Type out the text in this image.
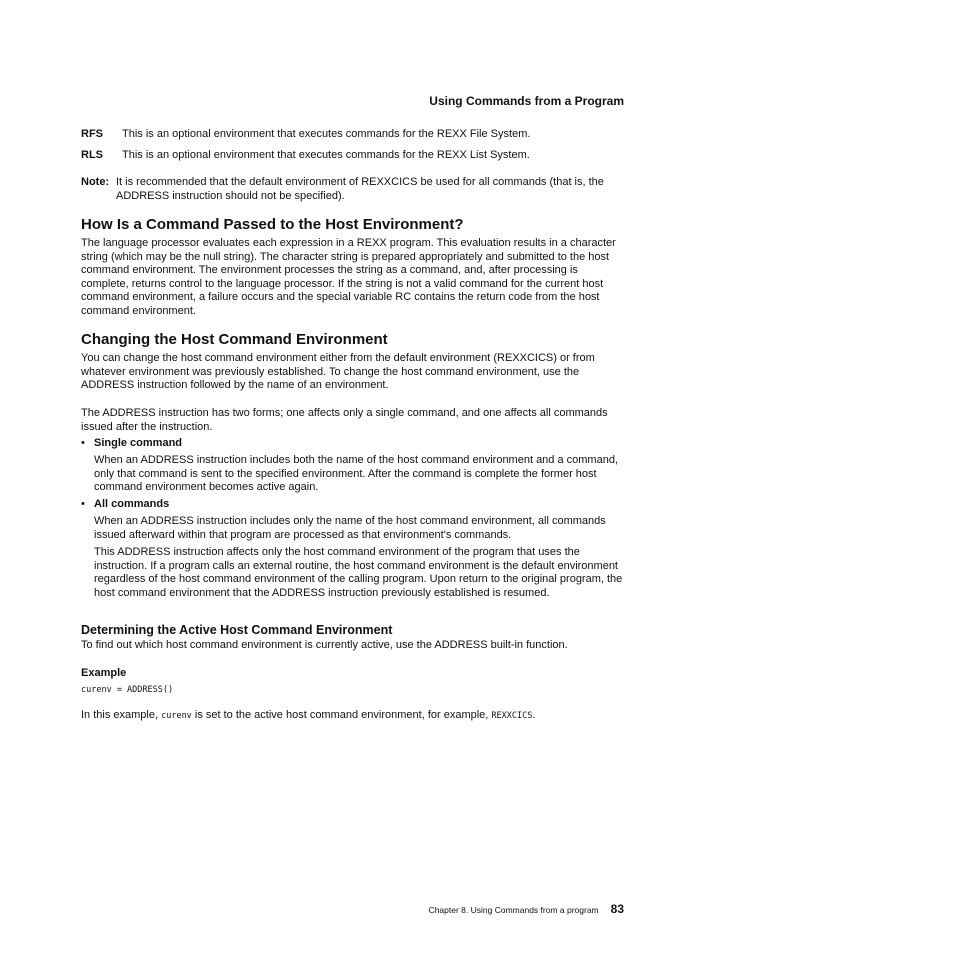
Using Commands from a Program
RFS This is an optional environment that executes commands for the REXX File System.
RLS This is an optional environment that executes commands for the REXX List System.
Note: It is recommended that the default environment of REXXCICS be used for all commands (that is, the ADDRESS instruction should not be specified).
How Is a Command Passed to the Host Environment?
The language processor evaluates each expression in a REXX program. This evaluation results in a character string (which may be the null string). The character string is prepared appropriately and submitted to the host command environment. The environment processes the string as a command, and, after processing is complete, returns control to the language processor. If the string is not a valid command for the current host command environment, a failure occurs and the special variable RC contains the return code from the host command environment.
Changing the Host Command Environment
You can change the host command environment either from the default environment (REXXCICS) or from whatever environment was previously established. To change the host command environment, use the ADDRESS instruction followed by the name of an environment.
The ADDRESS instruction has two forms; one affects only a single command, and one affects all commands issued after the instruction.
• Single command
When an ADDRESS instruction includes both the name of the host command environment and a command, only that command is sent to the specified environment. After the command is complete the former host command environment becomes active again.
• All commands
When an ADDRESS instruction includes only the name of the host command environment, all commands issued afterward within that program are processed as that environment's commands.
This ADDRESS instruction affects only the host command environment of the program that uses the instruction. If a program calls an external routine, the host command environment is the default environment regardless of the host command environment of the calling program. Upon return to the original program, the host command environment that the ADDRESS instruction previously established is resumed.
Determining the Active Host Command Environment
To find out which host command environment is currently active, use the ADDRESS built-in function.
Example
curenv = ADDRESS()
In this example, curenv is set to the active host command environment, for example, REXXCICS.
Chapter 8. Using Commands from a program 83
